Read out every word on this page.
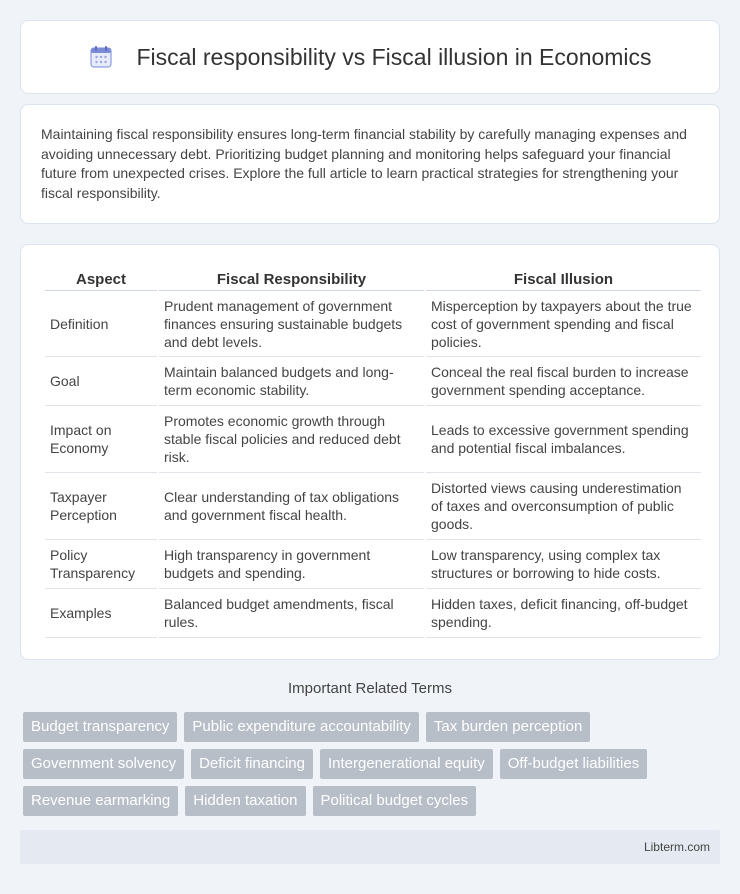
Fiscal responsibility vs Fiscal illusion in Economics

Maintaining fiscal responsibility ensures long-term financial stability by carefully managing expenses and avoiding unnecessary debt. Prioritizing budget planning and monitoring helps safeguard your financial future from unexpected crises. Explore the full article to learn practical strategies for strengthening your fiscal responsibility.

Aspect	Fiscal Responsibility	Fiscal Illusion
Definition	Prudent management of government finances ensuring sustainable budgets and debt levels.	Misperception by taxpayers about the true cost of government spending and fiscal policies.
Goal	Maintain balanced budgets and long-term economic stability.	Conceal the real fiscal burden to increase government spending acceptance.
Impact on Economy	Promotes economic growth through stable fiscal policies and reduced debt risk.	Leads to excessive government spending and potential fiscal imbalances.
Taxpayer Perception	Clear understanding of tax obligations and government fiscal health.	Distorted views causing underestimation of taxes and overconsumption of public goods.
Policy Transparency	High transparency in government budgets and spending.	Low transparency, using complex tax structures or borrowing to hide costs.
Examples	Balanced budget amendments, fiscal rules.	Hidden taxes, deficit financing, off-budget spending.
Important Related Terms
Budget transparency	Public expenditure accountability	Tax burden perception
Government solvency	Deficit financing	Intergenerational equity	Off-budget liabilities
Revenue earmarking	Hidden taxation	Political budget cycles
Libterm.com
